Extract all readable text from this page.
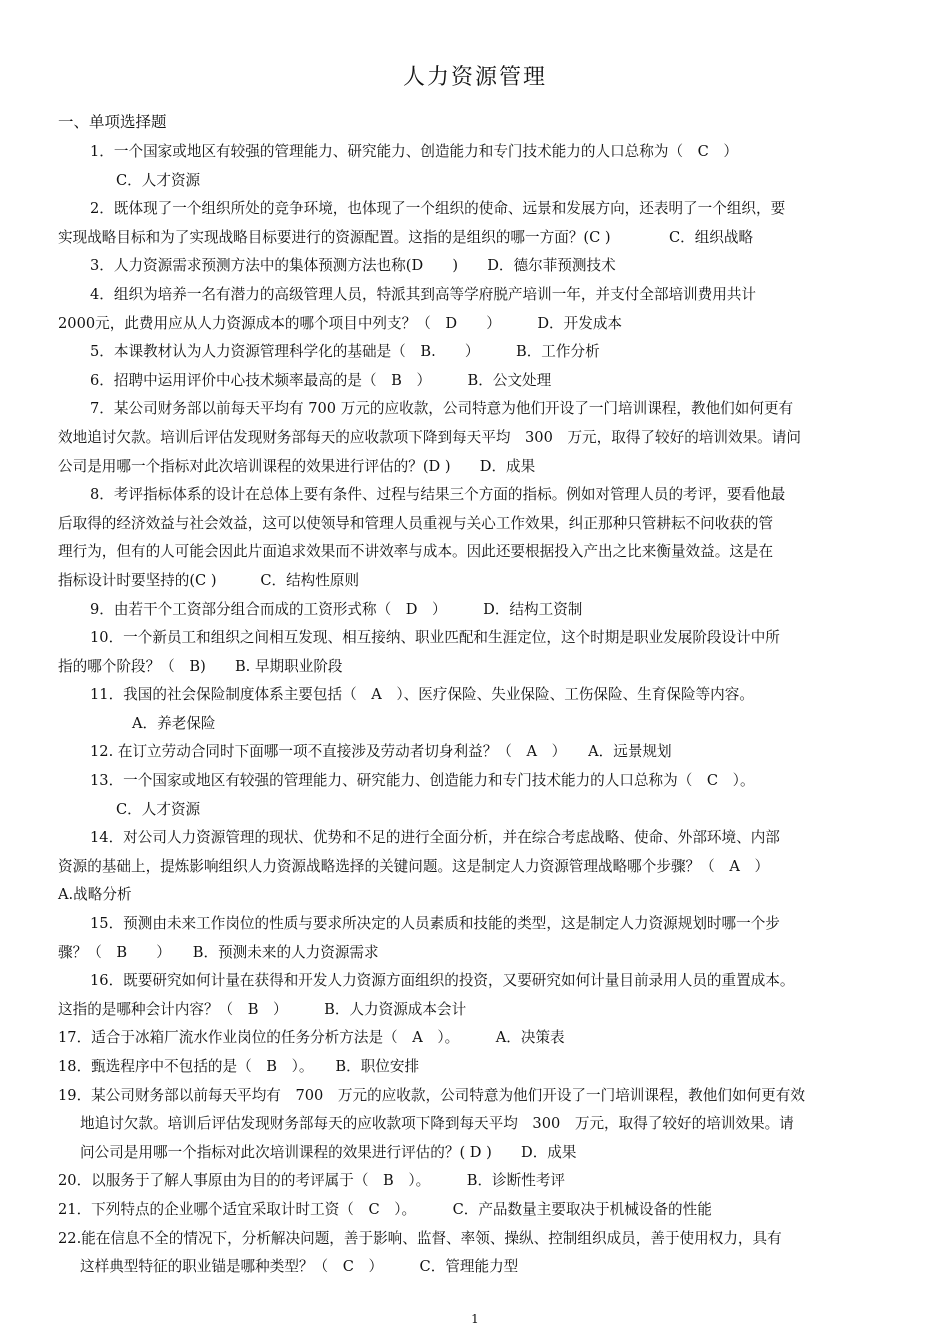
人力资源管理
一、单项选择题
1．一个国家或地区有较强的管理能力、研究能力、创造能力和专门技术能力的人口总称为（　C　）
C．人才资源
2．既体现了一个组织所处的竞争环境，也体现了一个组织的使命、远景和发展方向，还表明了一个组织，要
实现战略目标和为了实现战略目标要进行的资源配置。这指的是组织的哪一方面？(C )　　　　C．组织战略
3．人力资源需求预测方法中的集体预测方法也称(D　　)　　D．德尔菲预测技术
4．组织为培养一名有潜力的高级管理人员，特派其到高等学府脱产培训一年，并支付全部培训费用共计
2000元，此费用应从人力资源成本的哪个项目中列支？（　D　　）　　　D．开发成本
5．本课教材认为人力资源管理科学化的基础是（　B.　　）　　　B．工作分析
6．招聘中运用评价中心技术频率最高的是（　B　）　　　B．公文处理
7．某公司财务部以前每天平均有 700 万元的应收款，公司特意为他们开设了一门培训课程，教他们如何更有
效地追讨欠款。培训后评估发现财务部每天的应收款项下降到每天平均　300　万元，取得了较好的培训效果。请问
公司是用哪一个指标对此次培训课程的效果进行评估的？(D )　　D．成果
8．考评指标体系的设计在总体上要有条件、过程与结果三个方面的指标。例如对管理人员的考评，要看他最
后取得的经济效益与社会效益，这可以使领导和管理人员重视与关心工作效果，纠正那种只管耕耘不问收获的管
理行为，但有的人可能会因此片面追求效果而不讲效率与成本。因此还要根据投入产出之比来衡量效益。这是在
指标设计时要坚持的(C )　　　C．结构性原则
9．由若干个工资部分组合而成的工资形式称（　D　）　　　D．结构工资制
10．一个新员工和组织之间相互发现、相互接纳、职业匹配和生涯定位，这个时期是职业发展阶段设计中所
指的哪个阶段？（　B)　　B. 早期职业阶段
11．我国的社会保险制度体系主要包括（　A　）、医疗保险、失业保险、工伤保险、生育保险等内容。
A．养老保险
12. 在订立劳动合同时下面哪一项不直接涉及劳动者切身利益？（　A　）　　A．远景规划
13．一个国家或地区有较强的管理能力、研究能力、创造能力和专门技术能力的人口总称为（　C　）。
C．人才资源
14．对公司人力资源管理的现状、优势和不足的进行全面分析，并在综合考虑战略、使命、外部环境、内部
资源的基础上，提炼影响组织人力资源战略选择的关键问题。这是制定人力资源管理战略哪个步骤？（　A　）
A.战略分析
15．预测由未来工作岗位的性质与要求所决定的人员素质和技能的类型，这是制定人力资源规划时哪一个步
骤？（　B　　）　　B．预测未来的人力资源需求
16．既要研究如何计量在获得和开发人力资源方面组织的投资，又要研究如何计量目前录用人员的重置成本。
这指的是哪种会计内容？（　B　）　　　B．人力资源成本会计
17．适合于冰箱厂流水作业岗位的任务分析方法是（　A　）。　　　A．决策表
18．甄选程序中不包括的是（　B　）。　　B．职位安排
19．某公司财务部以前每天平均有　700　万元的应收款，公司特意为他们开设了一门培训课程，教他们如何更有效
地追讨欠款。培训后评估发现财务部每天的应收款项下降到每天平均　300　万元，取得了较好的培训效果。请
问公司是用哪一个指标对此次培训课程的效果进行评估的？( D )　　D．成果
20．以服务于了解人事原由为目的的考评属于（　B　）。　　　B．诊断性考评
21．下列特点的企业哪个适宜采取计时工资（　C　）。　　　C．产品数量主要取决于机械设备的性能
22.能在信息不全的情况下，分析解决问题，善于影响、监督、率领、操纵、控制组织成员，善于使用权力，具有
这样典型特征的职业锚是哪种类型？（　C　）　　　C．管理能力型
1
